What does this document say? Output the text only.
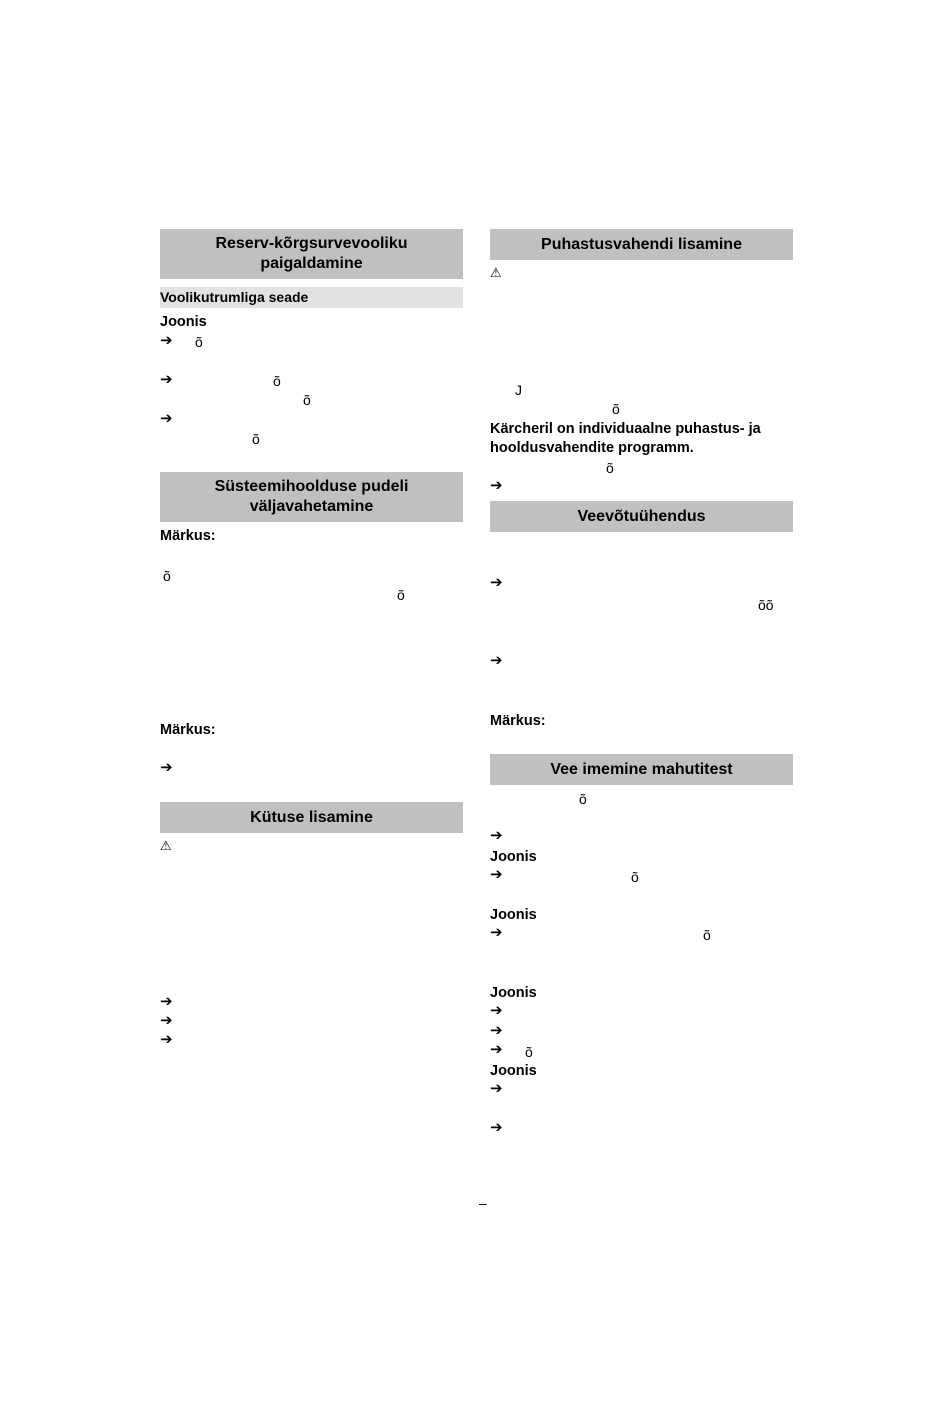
Reserv-kõrgsurvevooliku
paigaldamine
Voolikutrumliga seade
Joonis
➔ õ
➔	õ
õ
➔
õ
Süsteemihoolduse pudeli
väljavahetamine
Märkus:
õ
õ
Märkus:
➔
Kütuse lisamine
⚠
➔
➔
➔
Puhastusvahendi lisamine
⚠
J
õ
Kärcheril on individuaalne puhastus- ja
hooldusvahendite programm.
õ
➔
Veevõtuühendus
➔
õõ
➔
Märkus:
Vee imemine mahutitest
õ
➔
Joonis
➔	õ
Joonis
➔	õ
Joonis
➔
➔
➔ õ
Joonis
➔
➔
–
